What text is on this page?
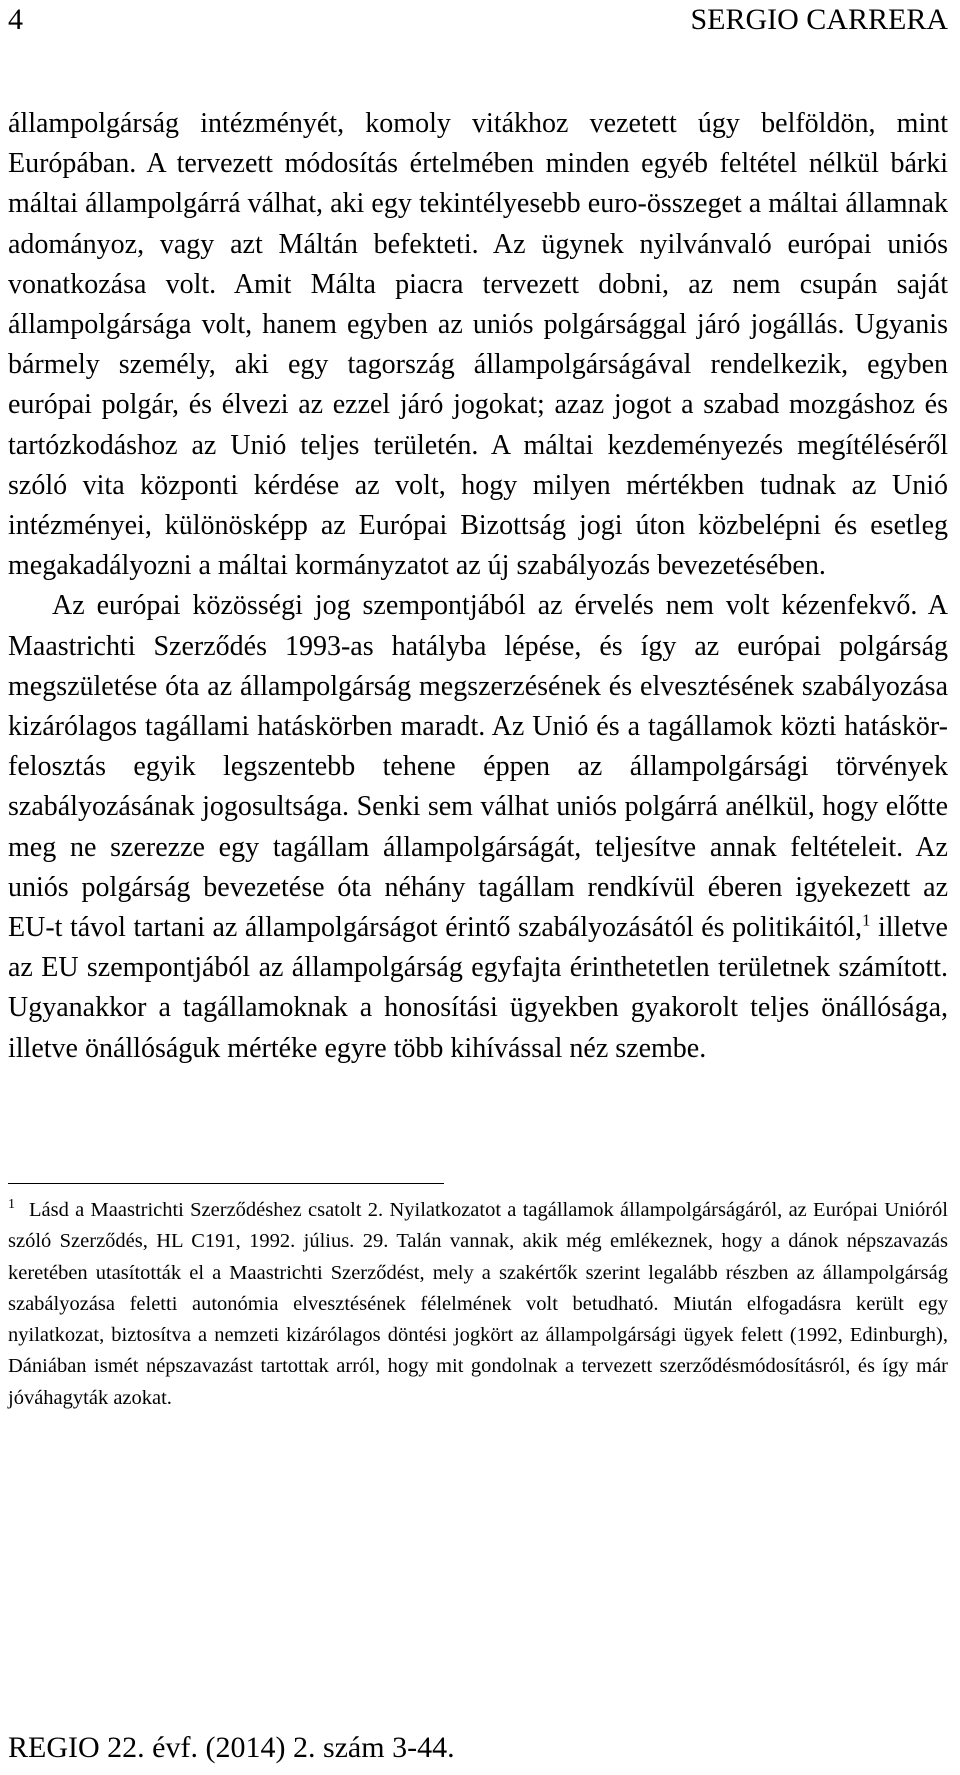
4	SERGIO CARRERA

állampolgárság intézményét, komoly vitákhoz vezetett úgy belföldön, mint Európában. A tervezett módosítás értelmében minden egyéb feltétel nélkül bárki máltai állampolgárrá válhat, aki egy tekintélyesebb euro-összeget a máltai államnak adományoz, vagy azt Máltán befekteti. Az ügynek nyilvánvaló európai uniós vonatkozása volt. Amit Málta piacra tervezett dobni, az nem csupán saját állampolgársága volt, hanem egyben az uniós polgársággal járó jogállás. Ugyanis bármely személy, aki egy tagország állampolgárságával rendelkezik, egyben európai polgár, és élvezi az ezzel járó jogokat; azaz jogot a szabad mozgáshoz és tartózkodáshoz az Unió teljes területén. A máltai kezdeményezés megítéléséről szóló vita központi kérdése az volt, hogy milyen mértékben tudnak az Unió intézményei, különösképp az Európai Bizottság jogi úton közbelépni és esetleg megakadályozni a máltai kormányzatot az új szabályozás bevezetésében.

Az európai közösségi jog szempontjából az érvelés nem volt kézenfekvő. A Maastrichti Szerződés 1993-as hatályba lépése, és így az európai polgárság megszületése óta az állampolgárság megszerzésének és elvesztésének szabályozása kizárólagos tagállami hatáskörben maradt. Az Unió és a tagállamok közti hatáskör-felosztás egyik legszentebb tehene éppen az állampolgársági törvények szabályozásának jogosultsága. Senki sem válhat uniós polgárrá anélkül, hogy előtte meg ne szerezze egy tagállam állampolgárságát, teljesítve annak feltételeit. Az uniós polgárság bevezetése óta néhány tagállam rendkívül éberen igyekezett az EU-t távol tartani az állampolgárságot érintő szabályozásától és politikáitól,$^1$ illetve az EU szempontjából az állampolgárság egyfajta érinthetetlen területnek számított. Ugyanakkor a tagállamoknak a honosítási ügyekben gyakorolt teljes önállósága, illetve önállóságuk mértéke egyre több kihívással néz szembe.

$^1$ Lásd a Maastrichti Szerződéshez csatolt 2. Nyilatkozatot a tagállamok állampolgárságáról, az Európai Unióról szóló Szerződés, HL C191, 1992. július. 29. Talán vannak, akik még emlékeznek, hogy a dánok népszavazás keretében utasították el a Maastrichti Szerződést, mely a szakértők szerint legalább részben az állampolgárság szabályozása feletti autonómia elvesztésének félelmének volt betudható. Miután elfogadásra került egy nyilatkozat, biztosítva a nemzeti kizárólagos döntési jogkört az állampolgársági ügyek felett (1992, Edinburgh), Dániában ismét népszavazást tartottak arról, hogy mit gondolnak a tervezett szerződésmódosításról, és így már jóváhagyták azokat.

REGIO 22. évf. (2014) 2. szám 3-44.
